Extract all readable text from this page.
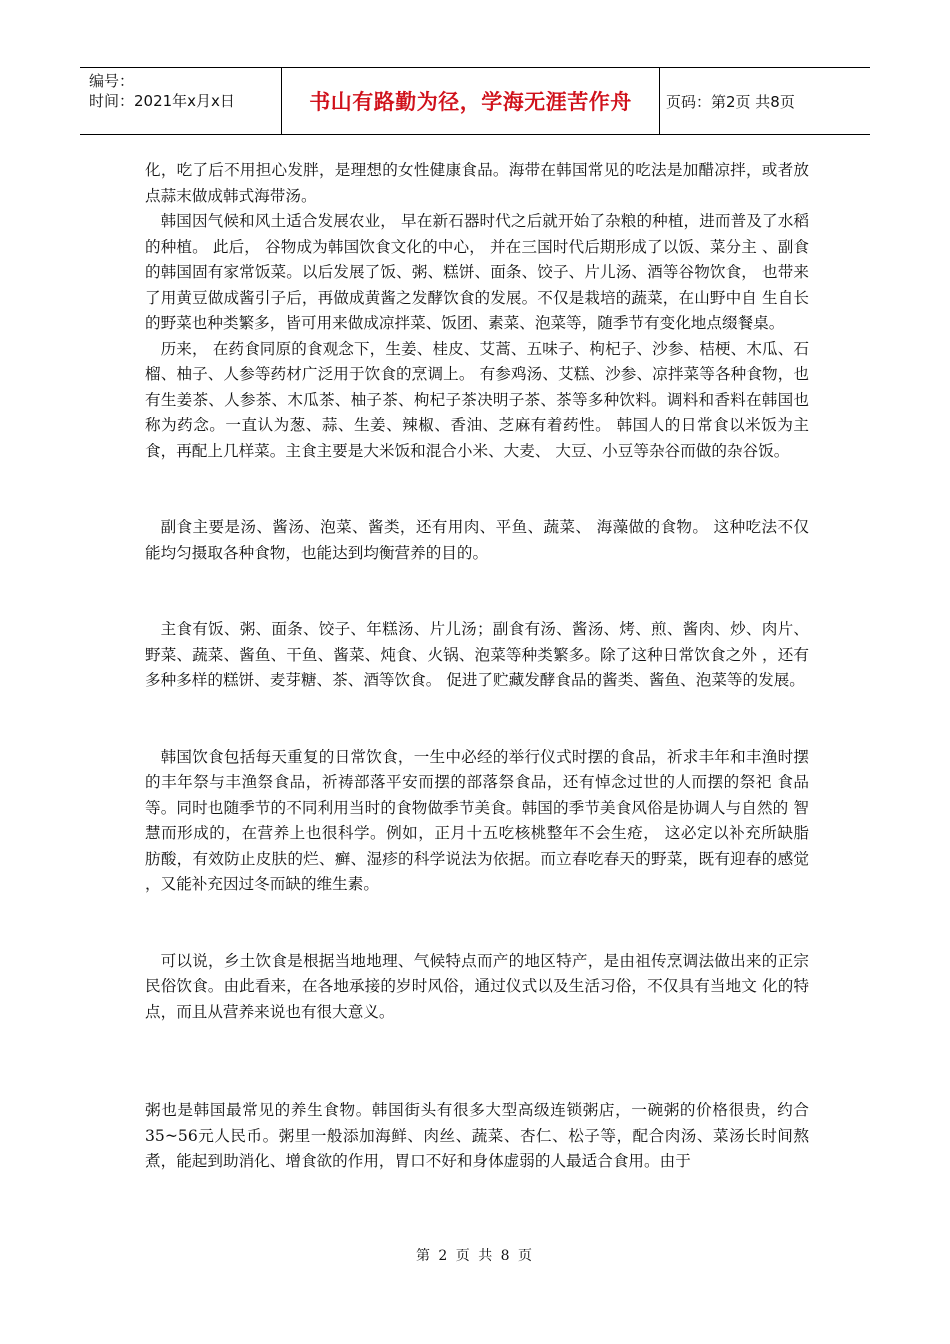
编号：
时间：2021年x月x日	书山有路勤为径，学海无涯苦作舟	页码：第2页 共8页

化，吃了后不用担心发胖，是理想的女性健康食品。海带在韩国常见的吃法是加醋凉拌，或者放点蒜末做成韩式海带汤。

韩国因气候和风土适合发展农业， 早在新石器时代之后就开始了杂粮的种植，进而普及了水稻的种植。 此后， 谷物成为韩国饮食文化的中心， 并在三国时代后期形成了以饭、菜分主 、副食的韩国固有家常饭菜。以后发展了饭、粥、糕饼、面条、饺子、片儿汤、酒等谷物饮食， 也带来了用黄豆做成酱引子后，再做成黄酱之发酵饮食的发展。不仅是栽培的蔬菜，在山野中自 生自长的野菜也种类繁多，皆可用来做成凉拌菜、饭团、素菜、泡菜等，随季节有变化地点缀餐桌。

历来， 在药食同原的食观念下，生姜、桂皮、艾蒿、五味子、枸杞子、沙参、桔梗、木瓜、石榴、柚子、人参等药材广泛用于饮食的烹调上。 有参鸡汤、艾糕、沙参、凉拌菜等各种食物，也有生姜茶、人参茶、木瓜茶、柚子茶、枸杞子茶决明子茶、茶等多种饮料。调料和香料在韩国也称为药念。一直认为葱、蒜、生姜、辣椒、香油、芝麻有着药性。 韩国人的日常食以米饭为主食，再配上几样菜。主食主要是大米饭和混合小米、大麦、 大豆、小豆等杂谷而做的杂谷饭。

副食主要是汤、酱汤、泡菜、酱类，还有用肉、平鱼、蔬菜、 海藻做的食物。 这种吃法不仅能均匀摄取各种食物，也能达到均衡营养的目的。

主食有饭、粥、面条、饺子、年糕汤、片儿汤；副食有汤、酱汤、烤、煎、酱肉、炒、肉片、野菜、蔬菜、酱鱼、干鱼、酱菜、炖食、火锅、泡菜等种类繁多。除了这种日常饮食之外 ，还有多种多样的糕饼、麦芽糖、茶、酒等饮食。 促进了贮藏发酵食品的酱类、酱鱼、泡菜等的发展。

韩国饮食包括每天重复的日常饮食，一生中必经的举行仪式时摆的食品，祈求丰年和丰渔时摆的丰年祭与丰渔祭食品，祈祷部落平安而摆的部落祭食品，还有悼念过世的人而摆的祭祀 食品等。同时也随季节的不同利用当时的食物做季节美食。韩国的季节美食风俗是协调人与自然的 智慧而形成的，在营养上也很科学。例如，正月十五吃核桃整年不会生疮， 这必定以补充所缺脂 肪酸，有效防止皮肤的烂、癣、湿疹的科学说法为依据。而立春吃春天的野菜，既有迎春的感觉 ，又能补充因过冬而缺的维生素。

可以说，乡土饮食是根据当地地理、气候特点而产的地区特产，是由祖传烹调法做出来的正宗民俗饮食。由此看来，在各地承接的岁时风俗，通过仪式以及生活习俗，不仅具有当地文 化的特点，而且从营养来说也有很大意义。

粥也是韩国最常见的养生食物。韩国街头有很多大型高级连锁粥店，一碗粥的价格很贵，约合35~56元人民币。粥里一般添加海鲜、肉丝、蔬菜、杏仁、松子等，配合肉汤、菜汤长时间熬煮，能起到助消化、增食欲的作用，胃口不好和身体虚弱的人最适合食用。由于

第 2 页 共 8 页
